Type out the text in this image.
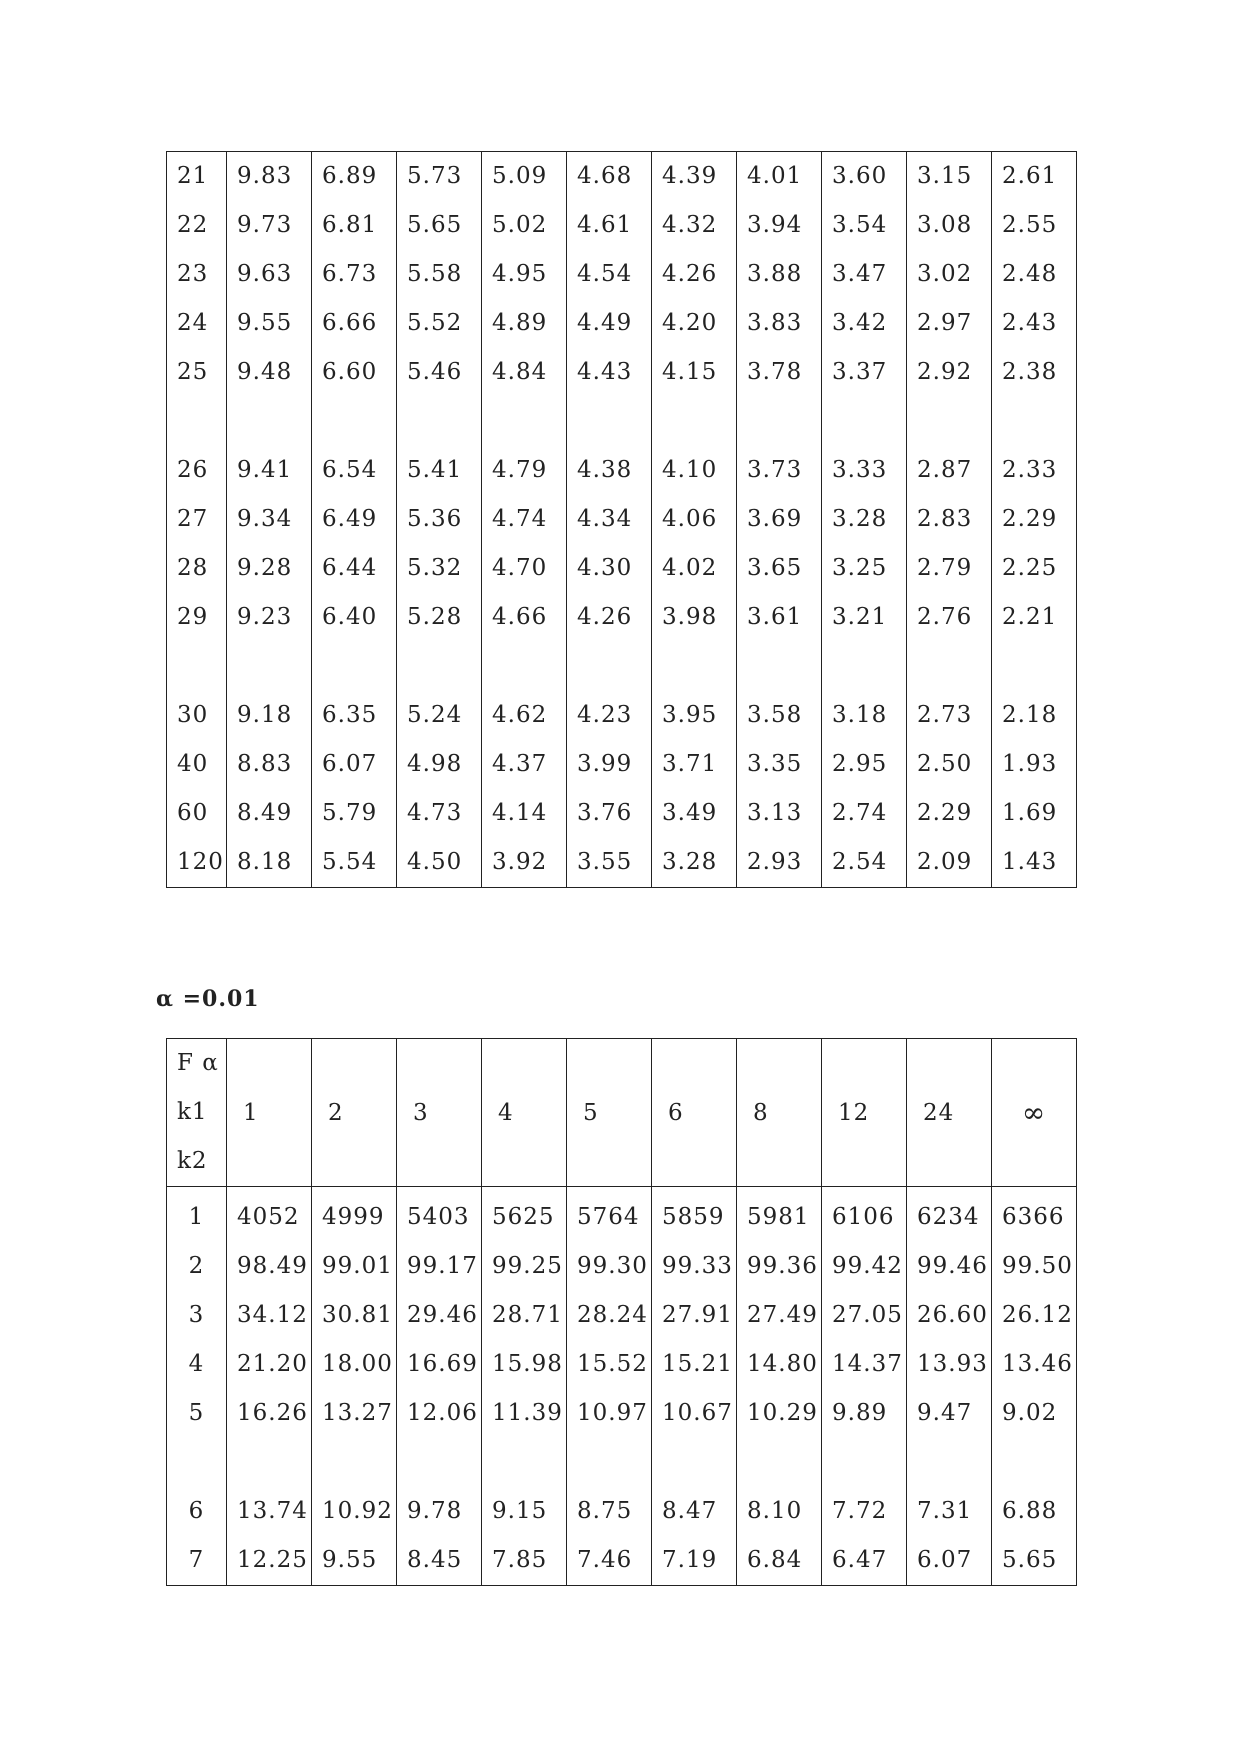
21	9.83	6.89	5.73	5.09	4.68	4.39	4.01	3.60	3.15	2.61
22	9.73	6.81	5.65	5.02	4.61	4.32	3.94	3.54	3.08	2.55
23	9.63	6.73	5.58	4.95	4.54	4.26	3.88	3.47	3.02	2.48
24	9.55	6.66	5.52	4.89	4.49	4.20	3.83	3.42	2.97	2.43
25	9.48	6.60	5.46	4.84	4.43	4.15	3.78	3.37	2.92	2.38

26	9.41	6.54	5.41	4.79	4.38	4.10	3.73	3.33	2.87	2.33
27	9.34	6.49	5.36	4.74	4.34	4.06	3.69	3.28	2.83	2.29
28	9.28	6.44	5.32	4.70	4.30	4.02	3.65	3.25	2.79	2.25
29	9.23	6.40	5.28	4.66	4.26	3.98	3.61	3.21	2.76	2.21

30	9.18	6.35	5.24	4.62	4.23	3.95	3.58	3.18	2.73	2.18
40	8.83	6.07	4.98	4.37	3.99	3.71	3.35	2.95	2.50	1.93
60	8.49	5.79	4.73	4.14	3.76	3.49	3.13	2.74	2.29	1.69
120	8.18	5.54	4.50	3.92	3.55	3.28	2.93	2.54	2.09	1.43
α =0.01
F α
k1
k2	1	2	3	4	5	6	8	12	24	∞
1	4052	4999	5403	5625	5764	5859	5981	6106	6234	6366
2	98.49	99.01	99.17	99.25	99.30	99.33	99.36	99.42	99.46	99.50
3	34.12	30.81	29.46	28.71	28.24	27.91	27.49	27.05	26.60	26.12
4	21.20	18.00	16.69	15.98	15.52	15.21	14.80	14.37	13.93	13.46
5	16.26	13.27	12.06	11.39	10.97	10.67	10.29	9.89	9.47	9.02

6	13.74	10.92	9.78	9.15	8.75	8.47	8.10	7.72	7.31	6.88
7	12.25	9.55	8.45	7.85	7.46	7.19	6.84	6.47	6.07	5.65
